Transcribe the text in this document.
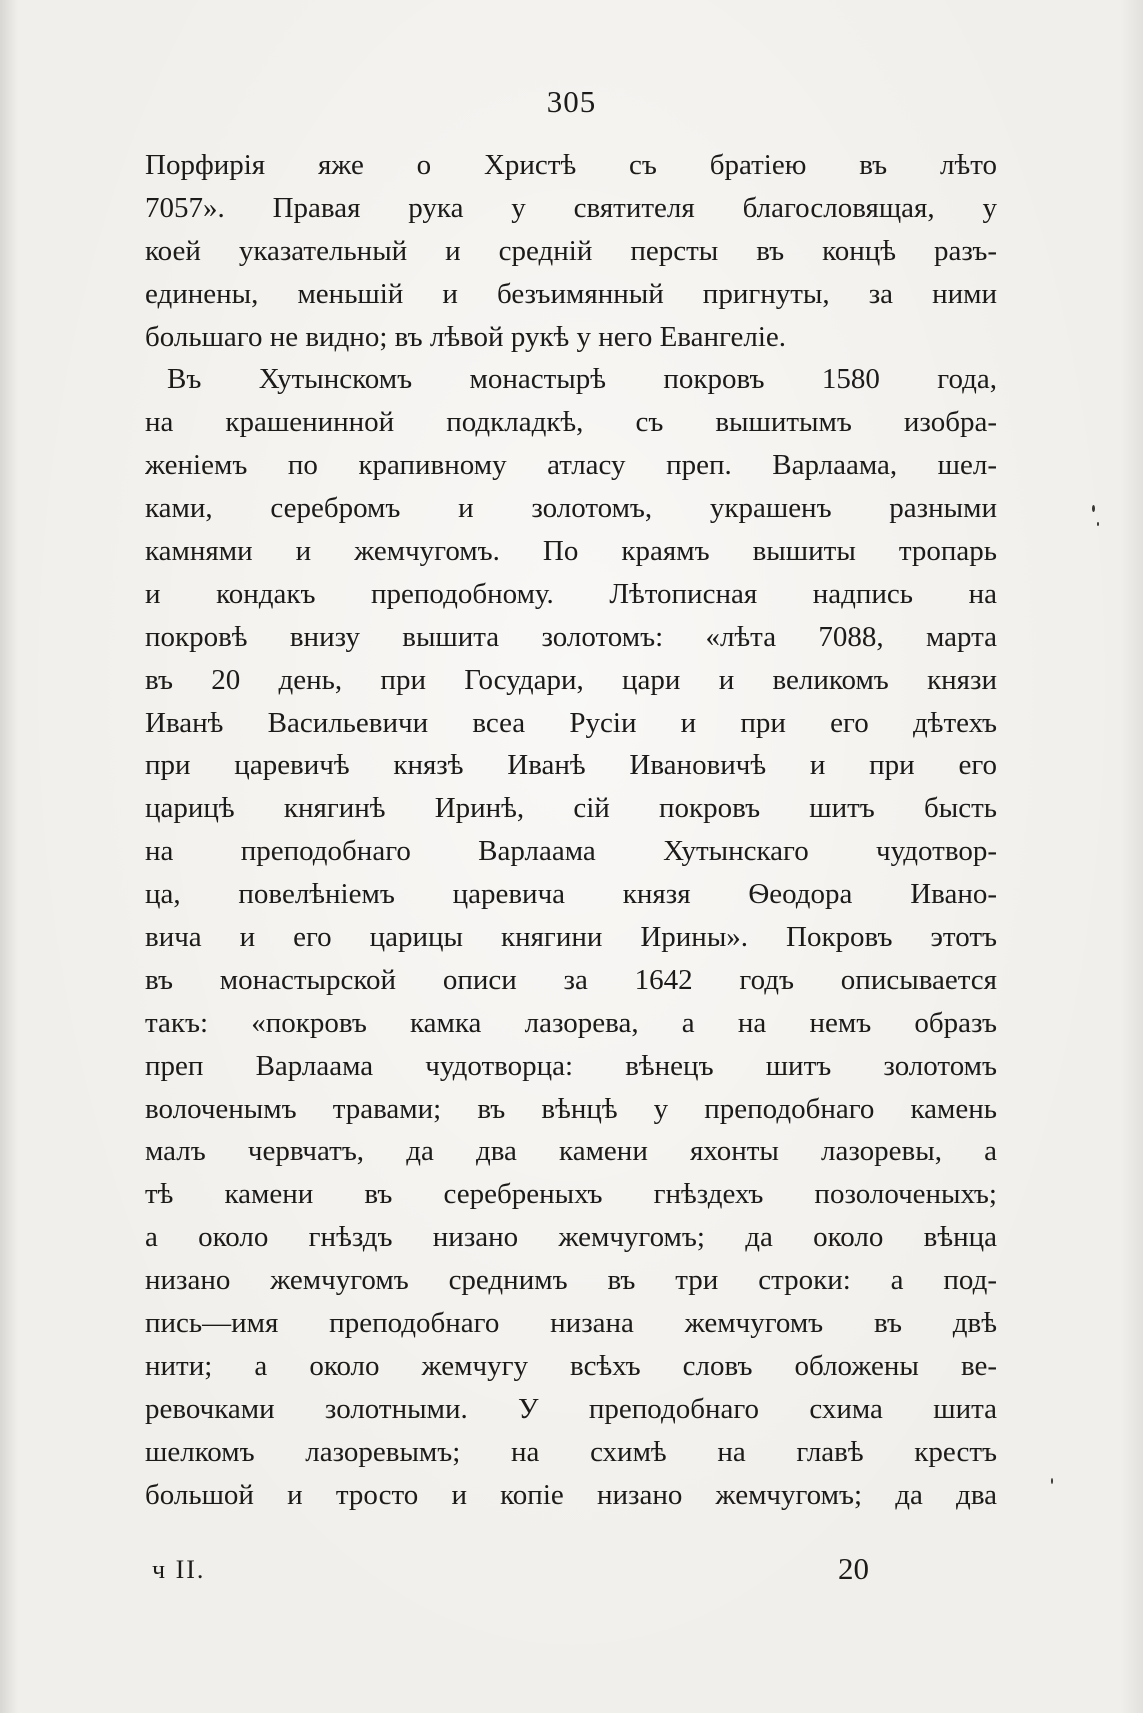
305
Порфирія яже о Христѣ съ братіею въ лѣто
7057». Правая рука у святителя благословящая, у
коей указательный и средній персты въ концѣ разъ-
единены, меньшій и безъимянный пригнуты, за ними
большаго не видно; въ лѣвой рукѣ у него Евангеліе.
Въ Хутынскомъ монастырѣ покровъ 1580 года,
на крашенинной подкладкѣ, съ вышитымъ изобра-
женіемъ по крапивному атласу преп. Варлаама, шел-
ками, серебромъ и золотомъ, украшенъ разными
камнями и жемчугомъ. По краямъ вышиты тропарь
и кондакъ преподобному. Лѣтописная надпись на
покровѣ внизу вышита золотомъ: «лѣта 7088, марта
въ 20 день, при Государи, цари и великомъ князи
Иванѣ Васильевичи всеа Русіи и при его дѣтехъ
при царевичѣ князѣ Иванѣ Ивановичѣ и при его
царицѣ княгинѣ Иринѣ, сій покровъ шитъ бысть
на преподобнаго Варлаама Хутынскаго чудотвор-
ца, повелѣніемъ царевича князя Ѳеодора Ивано-
вича и его царицы княгини Ирины». Покровъ этотъ
въ монастырской описи за 1642 годъ описывается
такъ: «покровъ камка лазорева, а на немъ образъ
преп Варлаама чудотворца: вѣнецъ шитъ золотомъ
волоченымъ травами; въ вѣнцѣ у преподобнаго камень
малъ червчатъ, да два камени яхонты лазоревы, а
тѣ камени въ серебреныхъ гнѣздехъ позолоченыхъ;
а около гнѣздъ низано жемчугомъ; да около вѣнца
низано жемчугомъ среднимъ въ три строки: а под-
пись—имя преподобнаго низана жемчугомъ въ двѣ
нити; а около жемчугу всѣхъ словъ обложены ве-
ревочками золотными. У преподобнаго схима шита
шелкомъ лазоревымъ; на схимѣ на главѣ крестъ
большой и тросто и копіе низано жемчугомъ; да два
ч II.	20
